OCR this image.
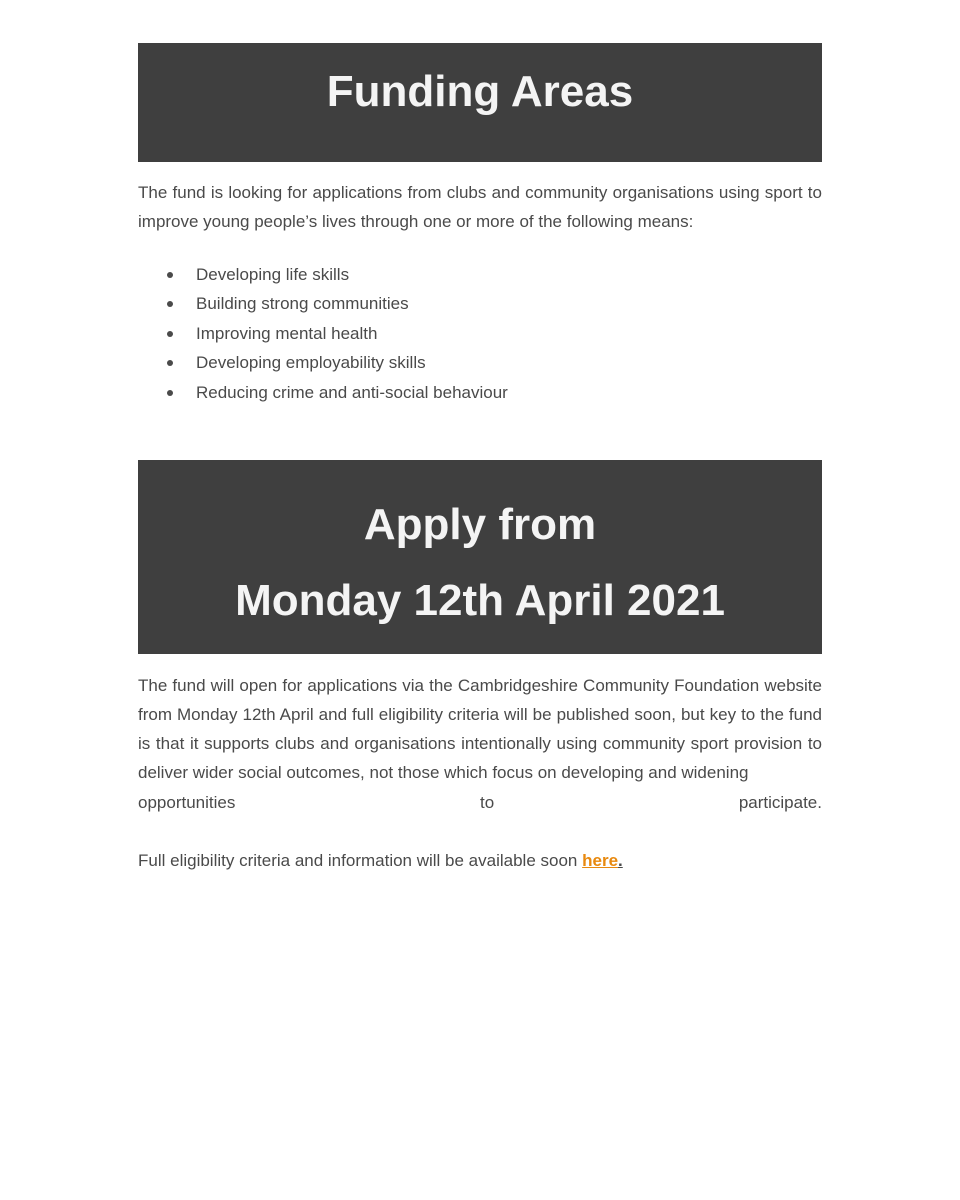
Funding Areas

The fund is looking for applications from clubs and community organisations using sport to improve young people’s lives through one or more of the following means:

Developing life skills
Building strong communities
Improving mental health
Developing employability skills
Reducing crime and anti-social behaviour
Apply from
Monday 12th April 2021

The fund will open for applications via the Cambridgeshire Community Foundation website from Monday 12th April and full eligibility criteria will be published soon, but key to the fund is that it supports clubs and organisations intentionally using community sport provision to deliver wider social outcomes, not those which focus on developing and widening
opportunities	to	participate.

Full eligibility criteria and information will be available soon here.
